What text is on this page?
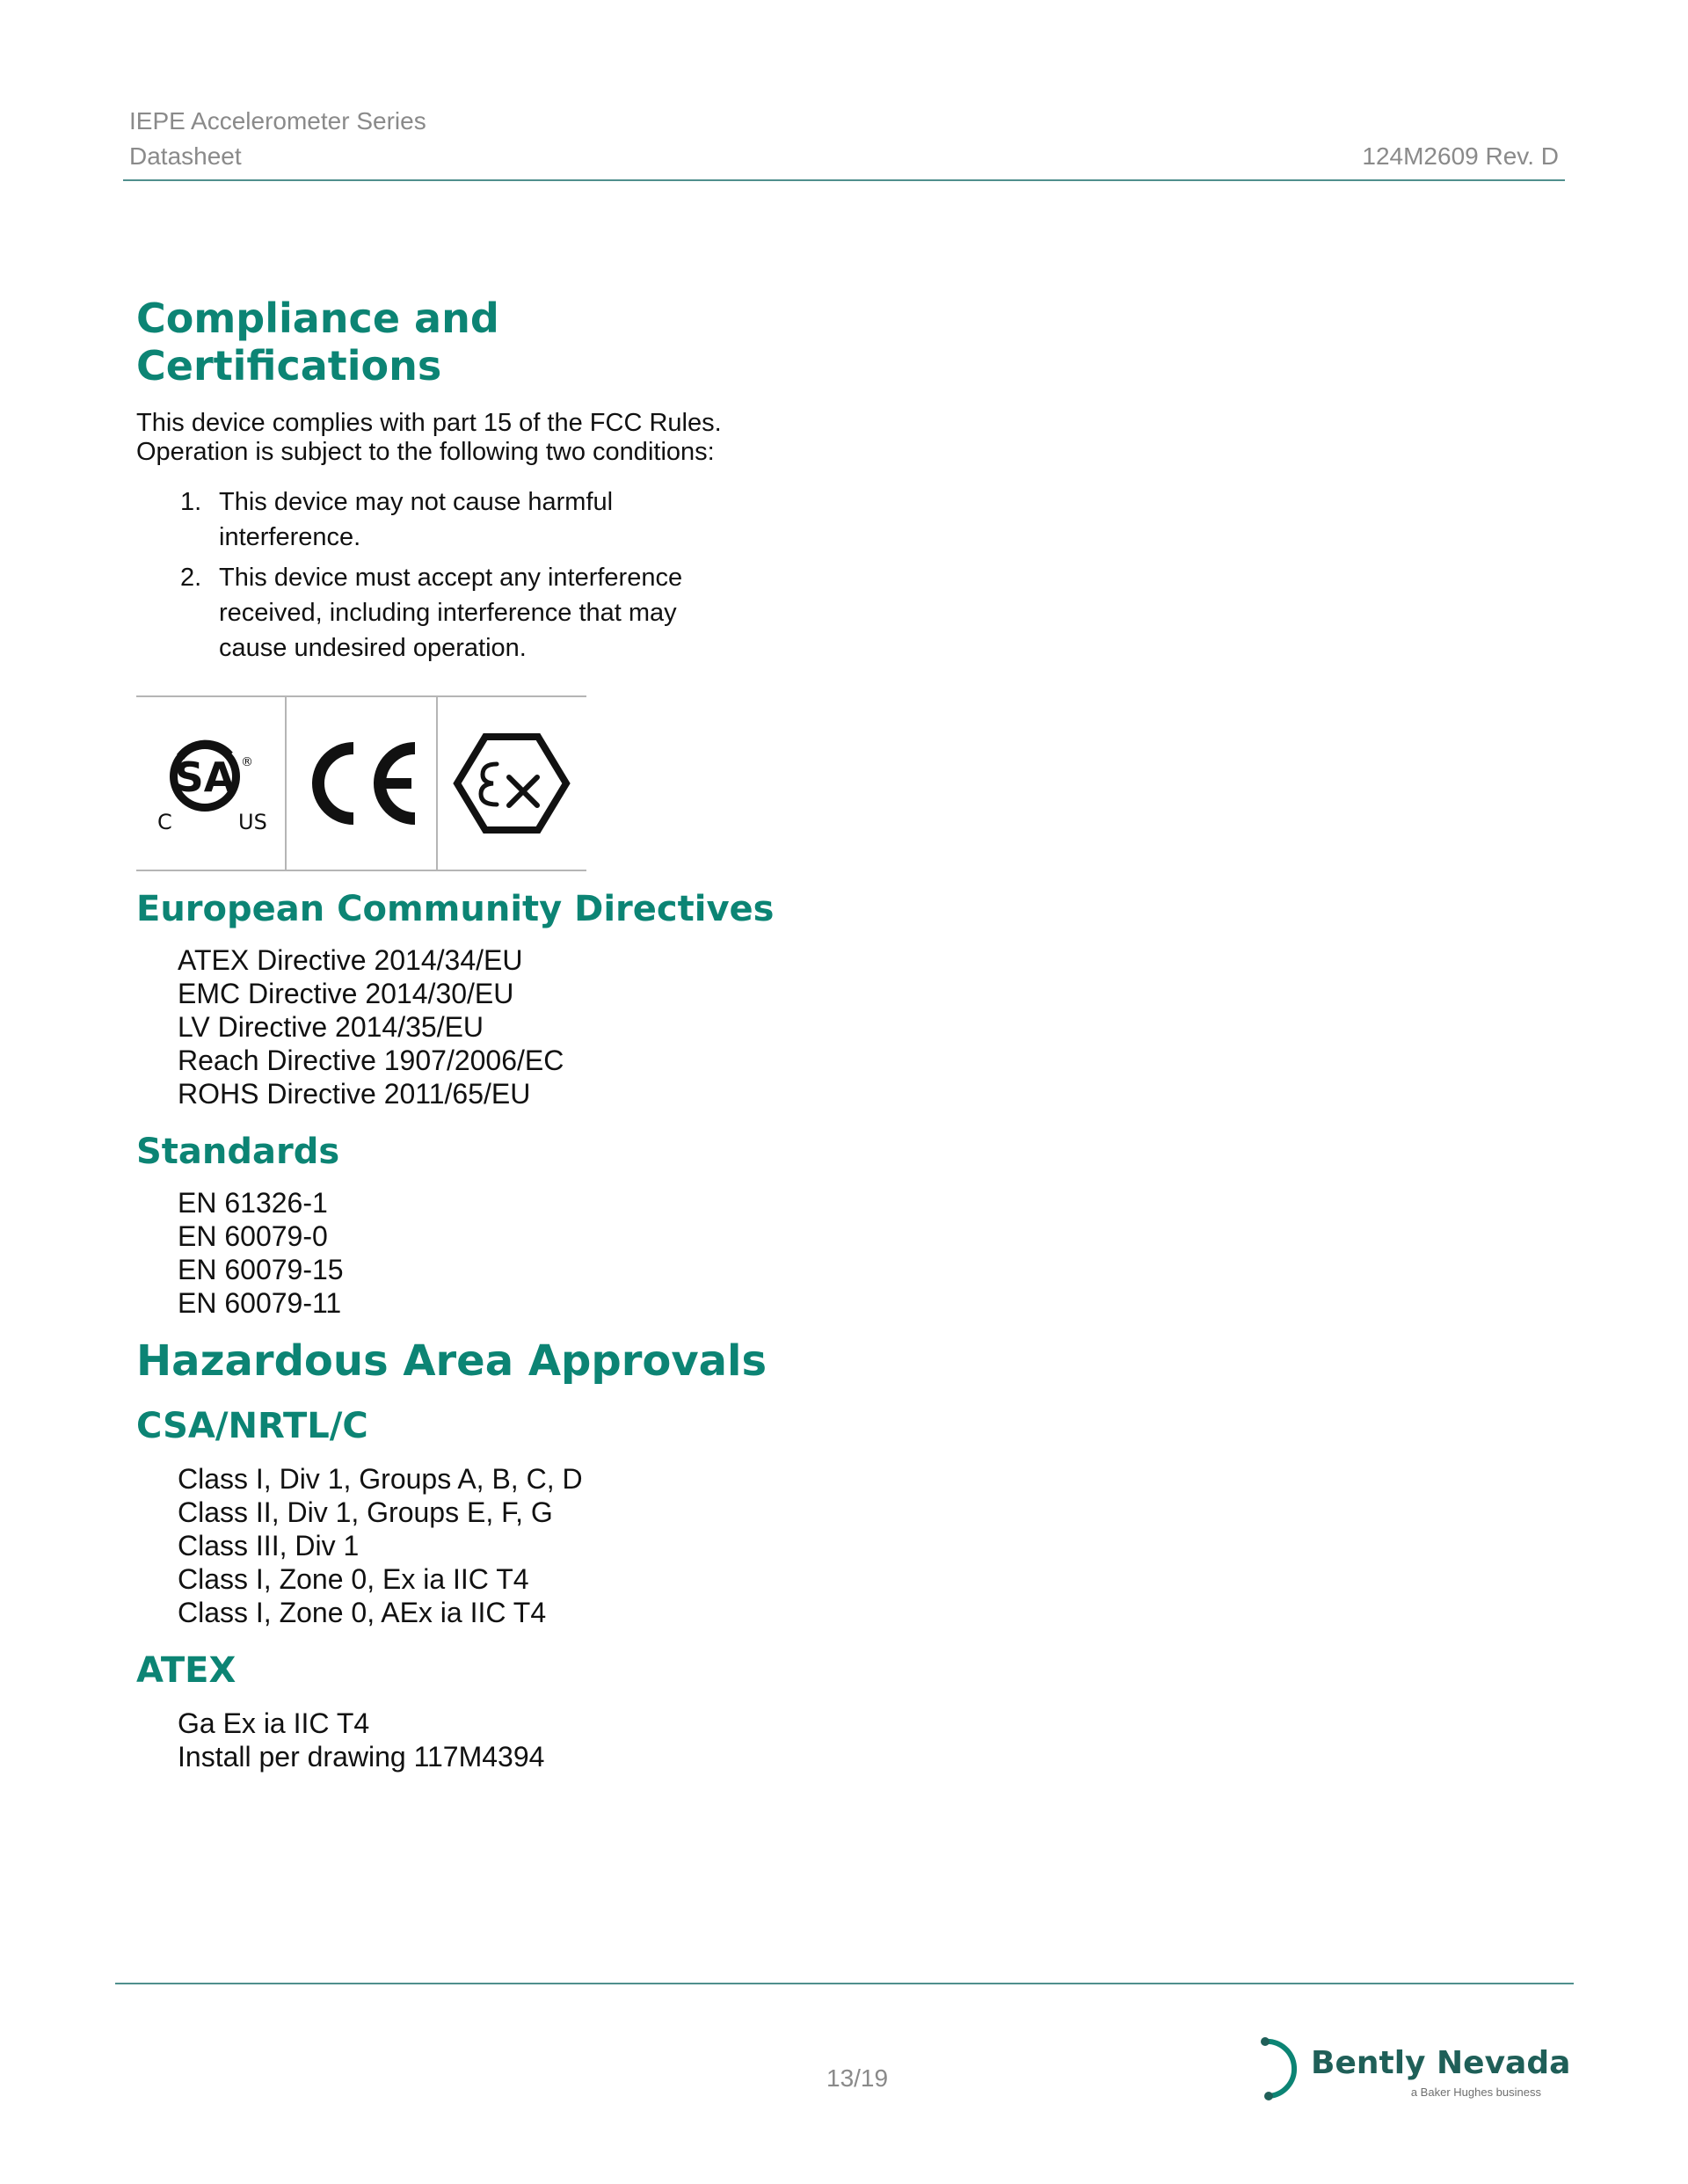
IEPE Accelerometer Series
Datasheet	124M2609 Rev. D
Compliance and
Certifications

This device complies with part 15 of the FCC Rules.
Operation is subject to the following two conditions:

1. This device may not cause harmful
interference.
2. This device must accept any interference
received, including interference that may
cause undesired operation.
SA ®
C	US
European Community Directives
ATEX Directive 2014/34/EU
EMC Directive 2014/30/EU
LV Directive 2014/35/EU
Reach Directive 1907/2006/EC
ROHS Directive 2011/65/EU
Standards
EN 61326-1
EN 60079-0
EN 60079-15
EN 60079-11
Hazardous Area Approvals
CSA/NRTL/C
Class I, Div 1, Groups A, B, C, D
Class II, Div 1, Groups E, F, G
Class III, Div 1
Class I, Zone 0, Ex ia IIC T4
Class I, Zone 0, AEx ia IIC T4
ATEX
Ga Ex ia IIC T4
Install per drawing 117M4394
13/19	Bently Nevada
a Baker Hughes business
